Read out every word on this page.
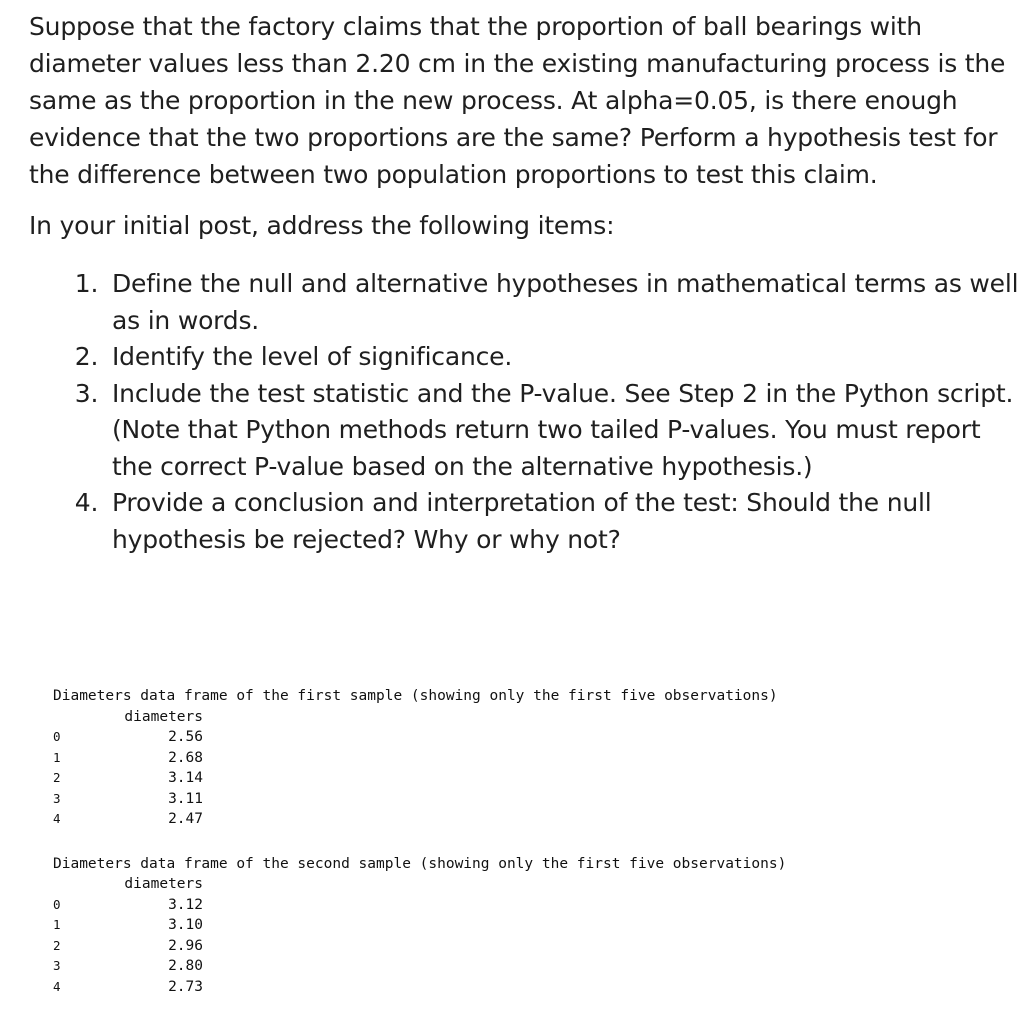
Suppose that the factory claims that the proportion of ball bearings with diameter values less than 2.20 cm in the existing manufacturing process is the same as the proportion in the new process. At alpha=0.05, is there enough evidence that the two proportions are the same? Perform a hypothesis test for the difference between two population proportions to test this claim.

In your initial post, address the following items:

1. Define the null and alternative hypotheses in mathematical terms as well as in words.
2. Identify the level of significance.
3. Include the test statistic and the P-value. See Step 2 in the Python script. (Note that Python methods return two tailed P-values. You must report the correct P-value based on the alternative hypothesis.)
4. Provide a conclusion and interpretation of the test: Should the null hypothesis be rejected? Why or why not?
Diameters data frame of the first sample (showing only the first five observations)
	diameters
0	2.56
1	2.68
2	3.14
3	3.11
4	2.47
Diameters data frame of the second sample (showing only the first five observations)
	diameters
0	3.12
1	3.10
2	2.96
3	2.80
4	2.73
